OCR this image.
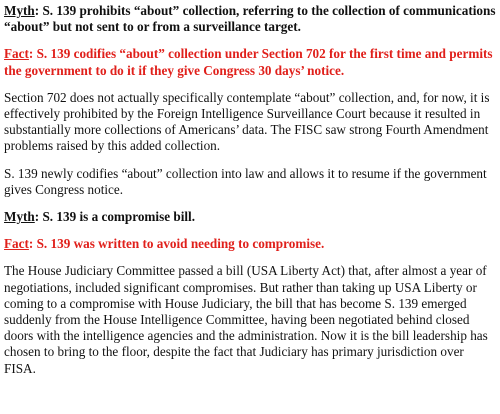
Myth: S. 139 prohibits “about” collection, referring to the collection of communications “about” but not sent to or from a surveillance target.

Fact: S. 139 codifies “about” collection under Section 702 for the first time and permits the government to do it if they give Congress 30 days’ notice.

Section 702 does not actually specifically contemplate “about” collection, and, for now, it is effectively prohibited by the Foreign Intelligence Surveillance Court because it resulted in substantially more collections of Americans’ data. The FISC saw strong Fourth Amendment problems raised by this added collection.

S. 139 newly codifies “about” collection into law and allows it to resume if the government gives Congress notice.

Myth: S. 139 is a compromise bill.

Fact: S. 139 was written to avoid needing to compromise.

The House Judiciary Committee passed a bill (USA Liberty Act) that, after almost a year of negotiations, included significant compromises. But rather than taking up USA Liberty or coming to a compromise with House Judiciary, the bill that has become S. 139 emerged suddenly from the House Intelligence Committee, having been negotiated behind closed doors with the intelligence agencies and the administration. Now it is the bill leadership has chosen to bring to the floor, despite the fact that Judiciary has primary jurisdiction over FISA.
